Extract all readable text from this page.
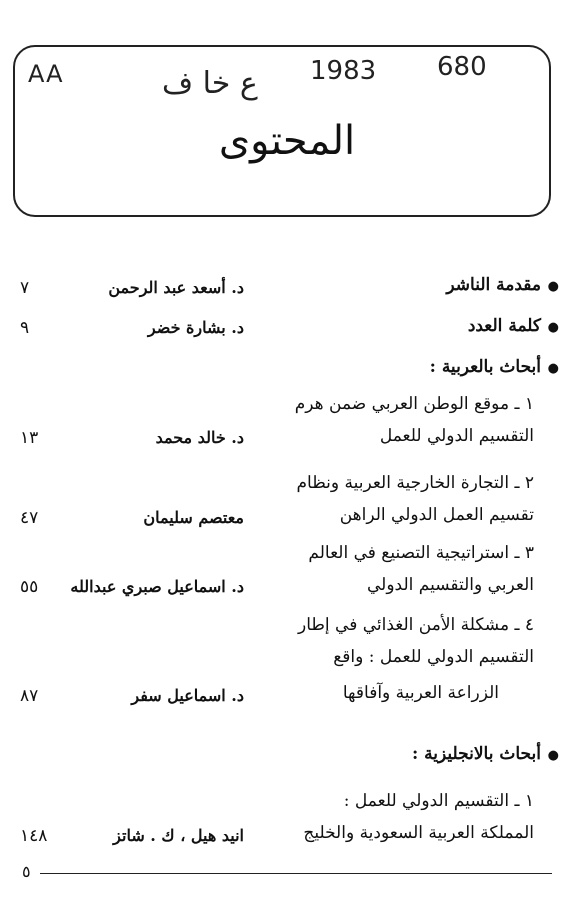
AA	ع خا ف 1983 680
المحتوى
●
مقدمة الناشر
د. أسعد عبد الرحمن
٧
●
كلمة العدد
د. بشارة خضر
٩
●
أبحاث بالعربية :
١ ـ موقع الوطن العربي ضمن هرم
التقسيم الدولي للعمل
د. خالد محمد
١٣
٢ ـ التجارة الخارجية العربية ونظام
تقسيم العمل الدولي الراهن
معتصم سليمان
٤٧
٣ ـ استراتيجية التصنيع في العالم
العربي والتقسيم الدولي
د. اسماعيل صبري عبدالله
٥٥
٤ ـ مشكلة الأمن الغذائي في إطار
التقسيم الدولي للعمل : واقع
الزراعة العربية وآفاقها
د. اسماعيل سفر
٨٧
●
أبحاث بالانجليزية :
١ ـ التقسيم الدولي للعمل :
المملكة العربية السعودية والخليج
انيد هيل ، ك . شاتز
١٤٨
٥
